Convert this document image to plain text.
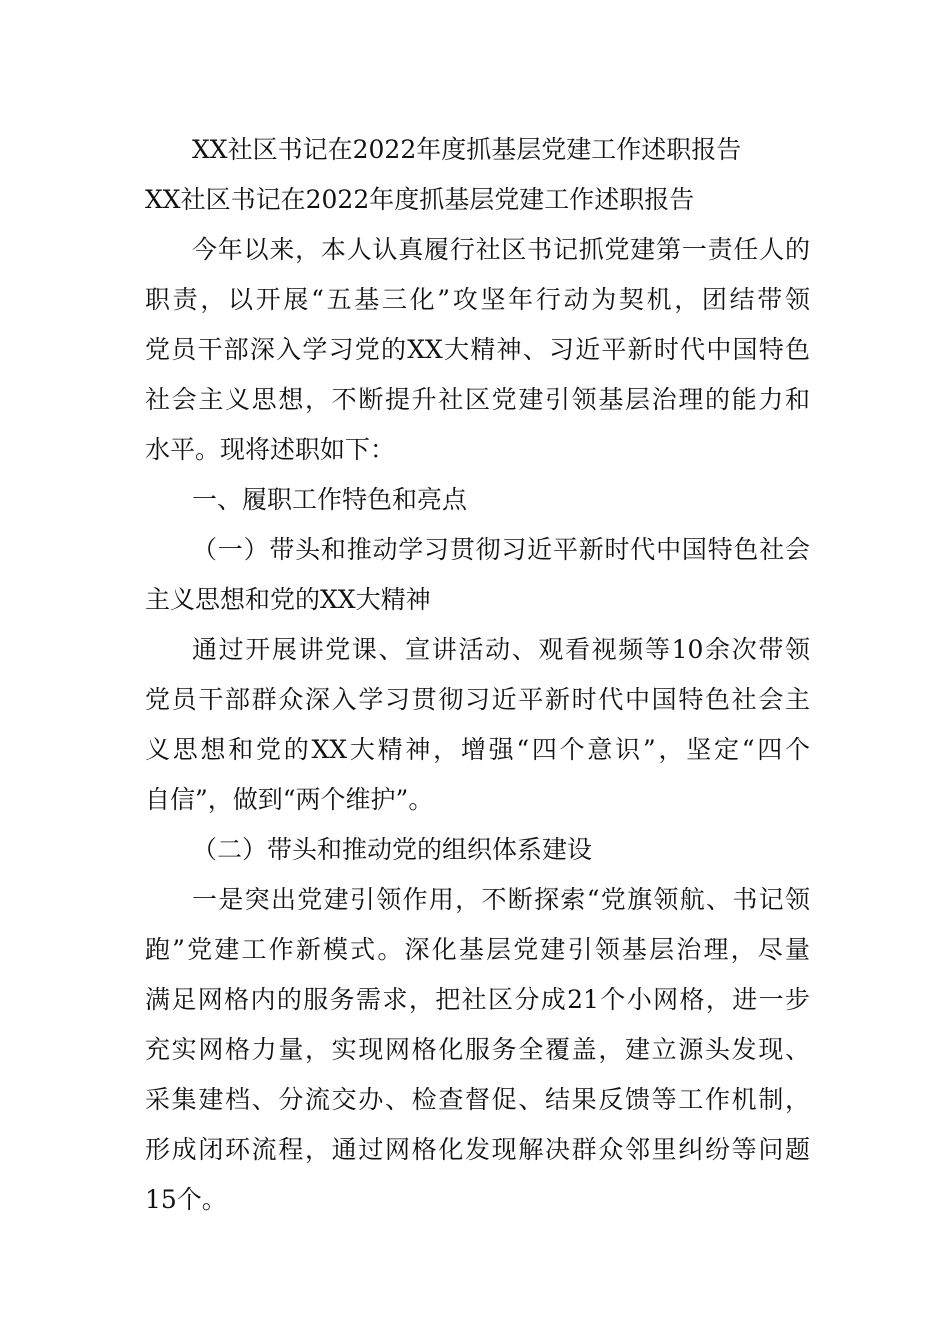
XX社区书记在2022年度抓基层党建工作述职报告
XX社区书记在2022年度抓基层党建工作述职报告
今年以来，本人认真履行社区书记抓党建第一责任人的
职责，以开展“五基三化”攻坚年行动为契机，团结带领
党员干部深入学习党的XX大精神、习近平新时代中国特色
社会主义思想，不断提升社区党建引领基层治理的能力和
水平。现将述职如下：
一、履职工作特色和亮点
（一）带头和推动学习贯彻习近平新时代中国特色社会
主义思想和党的XX大精神
通过开展讲党课、宣讲活动、观看视频等10余次带领
党员干部群众深入学习贯彻习近平新时代中国特色社会主
义思想和党的XX大精神，增强“四个意识”，坚定“四个
自信”，做到“两个维护”。
（二）带头和推动党的组织体系建设
一是突出党建引领作用，不断探索“党旗领航、书记领
跑”党建工作新模式。深化基层党建引领基层治理，尽量
满足网格内的服务需求，把社区分成21个小网格，进一步
充实网格力量，实现网格化服务全覆盖，建立源头发现、
采集建档、分流交办、检查督促、结果反馈等工作机制，
形成闭环流程，通过网格化发现解决群众邻里纠纷等问题
15个。
